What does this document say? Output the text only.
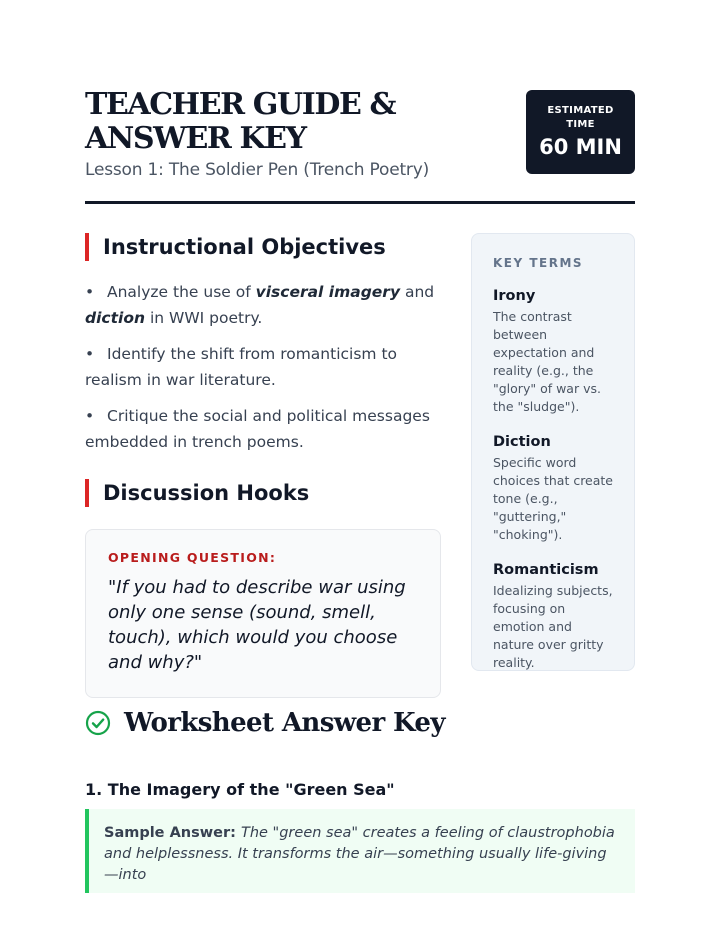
TEACHER GUIDE & ANSWER KEY
Lesson 1: The Soldier Pen (Trench Poetry)
ESTIMATED TIME
60 MIN
Instructional Objectives
• Analyze the use of visceral imagery and diction in WWI poetry.
• Identify the shift from romanticism to realism in war literature.
• Critique the social and political messages embedded in trench poems.
Discussion Hooks
OPENING QUESTION:
"If you had to describe war using only one sense (sound, smell, touch), which would you choose and why?"
KEY TERMS
Irony
The contrast between expectation and reality (e.g., the "glory" of war vs. the "sludge").
Diction
Specific word choices that create tone (e.g., "guttering," "choking").
Romanticism
Idealizing subjects, focusing on emotion and nature over gritty reality.
Worksheet Answer Key
1. The Imagery of the "Green Sea"
Sample Answer: The "green sea" creates a feeling of claustrophobia and helplessness. It transforms the air—something usually life-giving—into
